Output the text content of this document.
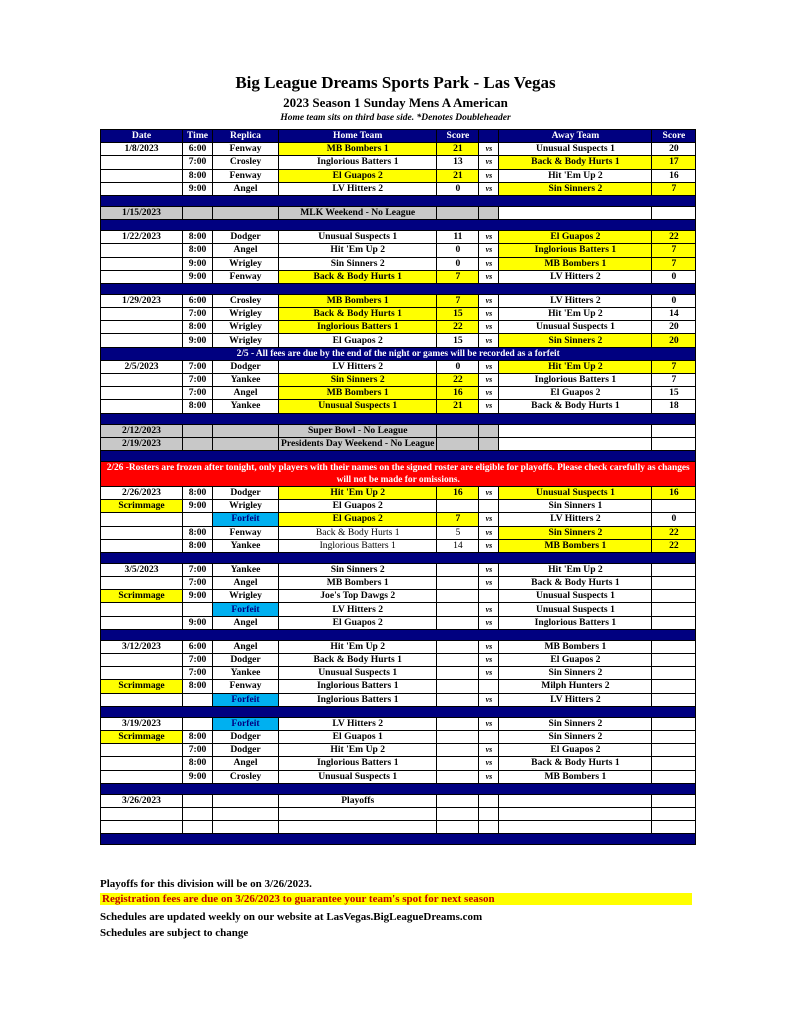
Big League Dreams Sports Park - Las Vegas
2023 Season 1 Sunday Mens A American
Home team sits on third base side. *Denotes Doubleheader
Date	Time	Replica	Home Team	Score		Away Team	Score
1/8/2023	6:00	Fenway	MB Bombers 1	21	vs	Unusual Suspects 1	20
	7:00	Crosley	Inglorious Batters 1	13	vs	Back & Body Hurts 1	17
	8:00	Fenway	El Guapos 2	21	vs	Hit 'Em Up 2	16
	9:00	Angel	LV Hitters 2	0	vs	Sin Sinners 2	7

1/15/2023			MLK Weekend - No League				

1/22/2023	8:00	Dodger	Unusual Suspects 1	11	vs	El Guapos 2	22
	8:00	Angel	Hit 'Em Up 2	0	vs	Inglorious Batters 1	7
	9:00	Wrigley	Sin Sinners 2	0	vs	MB Bombers 1	7
	9:00	Fenway	Back & Body Hurts 1	7	vs	LV Hitters 2	0

1/29/2023	6:00	Crosley	MB Bombers 1	7	vs	LV Hitters 2	0
	7:00	Wrigley	Back & Body Hurts 1	15	vs	Hit 'Em Up 2	14
	8:00	Wrigley	Inglorious Batters 1	22	vs	Unusual Suspects 1	20
	9:00	Wrigley	El Guapos 2	15	vs	Sin Sinners 2	20
2/5 - All fees are due by the end of the night or games will be recorded as a forfeit							
2/5/2023	7:00	Dodger	LV Hitters 2	0	vs	Hit 'Em Up 2	7
	7:00	Yankee	Sin Sinners 2	22	vs	Inglorious Batters 1	7
	7:00	Angel	MB Bombers 1	16	vs	El Guapos 2	15
	8:00	Yankee	Unusual Suspects 1	21	vs	Back & Body Hurts 1	18

2/12/2023			Super Bowl - No League				
2/19/2023			Presidents Day Weekend - No League				

2/26 -Rosters are frozen after tonight, only players with their names on the signed roster are eligible for playoffs. Please check carefully as changes will not be made for omissions.							
2/26/2023	8:00	Dodger	Hit 'Em Up 2	16	vs	Unusual Suspects 1	16
Scrimmage	9:00	Wrigley	El Guapos 2			Sin Sinners 1	
		Forfeit	El Guapos 2	7	vs	LV Hitters 2	0
	8:00	Fenway	Back & Body Hurts 1	5	vs	Sin Sinners 2	22
	8:00	Yankee	Inglorious Batters 1	14	vs	MB Bombers 1	22

3/5/2023	7:00	Yankee	Sin Sinners 2		vs	Hit 'Em Up 2	
	7:00	Angel	MB Bombers 1		vs	Back & Body Hurts 1	
Scrimmage	9:00	Wrigley	Joe's Top Dawgs 2			Unusual Suspects 1	
		Forfeit	LV Hitters 2		vs	Unusual Suspects 1	
	9:00	Angel	El Guapos 2		vs	Inglorious Batters 1	

3/12/2023	6:00	Angel	Hit 'Em Up 2		vs	MB Bombers 1	
	7:00	Dodger	Back & Body Hurts 1		vs	El Guapos 2	
	7:00	Yankee	Unusual Suspects 1		vs	Sin Sinners 2	
Scrimmage	8:00	Fenway	Inglorious Batters 1			Milph Hunters 2	
		Forfeit	Inglorious Batters 1		vs	LV Hitters 2	

3/19/2023		Forfeit	LV Hitters 2		vs	Sin Sinners 2	
Scrimmage	8:00	Dodger	El Guapos 1			Sin Sinners 2	
	7:00	Dodger	Hit 'Em Up 2		vs	El Guapos 2	
	8:00	Angel	Inglorious Batters 1		vs	Back & Body Hurts 1	
	9:00	Crosley	Unusual Suspects 1		vs	MB Bombers 1	

3/26/2023			Playoffs				

Playoffs for this division will be on 3/26/2023.
Registration fees are due on 3/26/2023 to guarantee your team's spot for next season
Schedules are updated weekly on our website at LasVegas.BigLeagueDreams.com
Schedules are subject to change
